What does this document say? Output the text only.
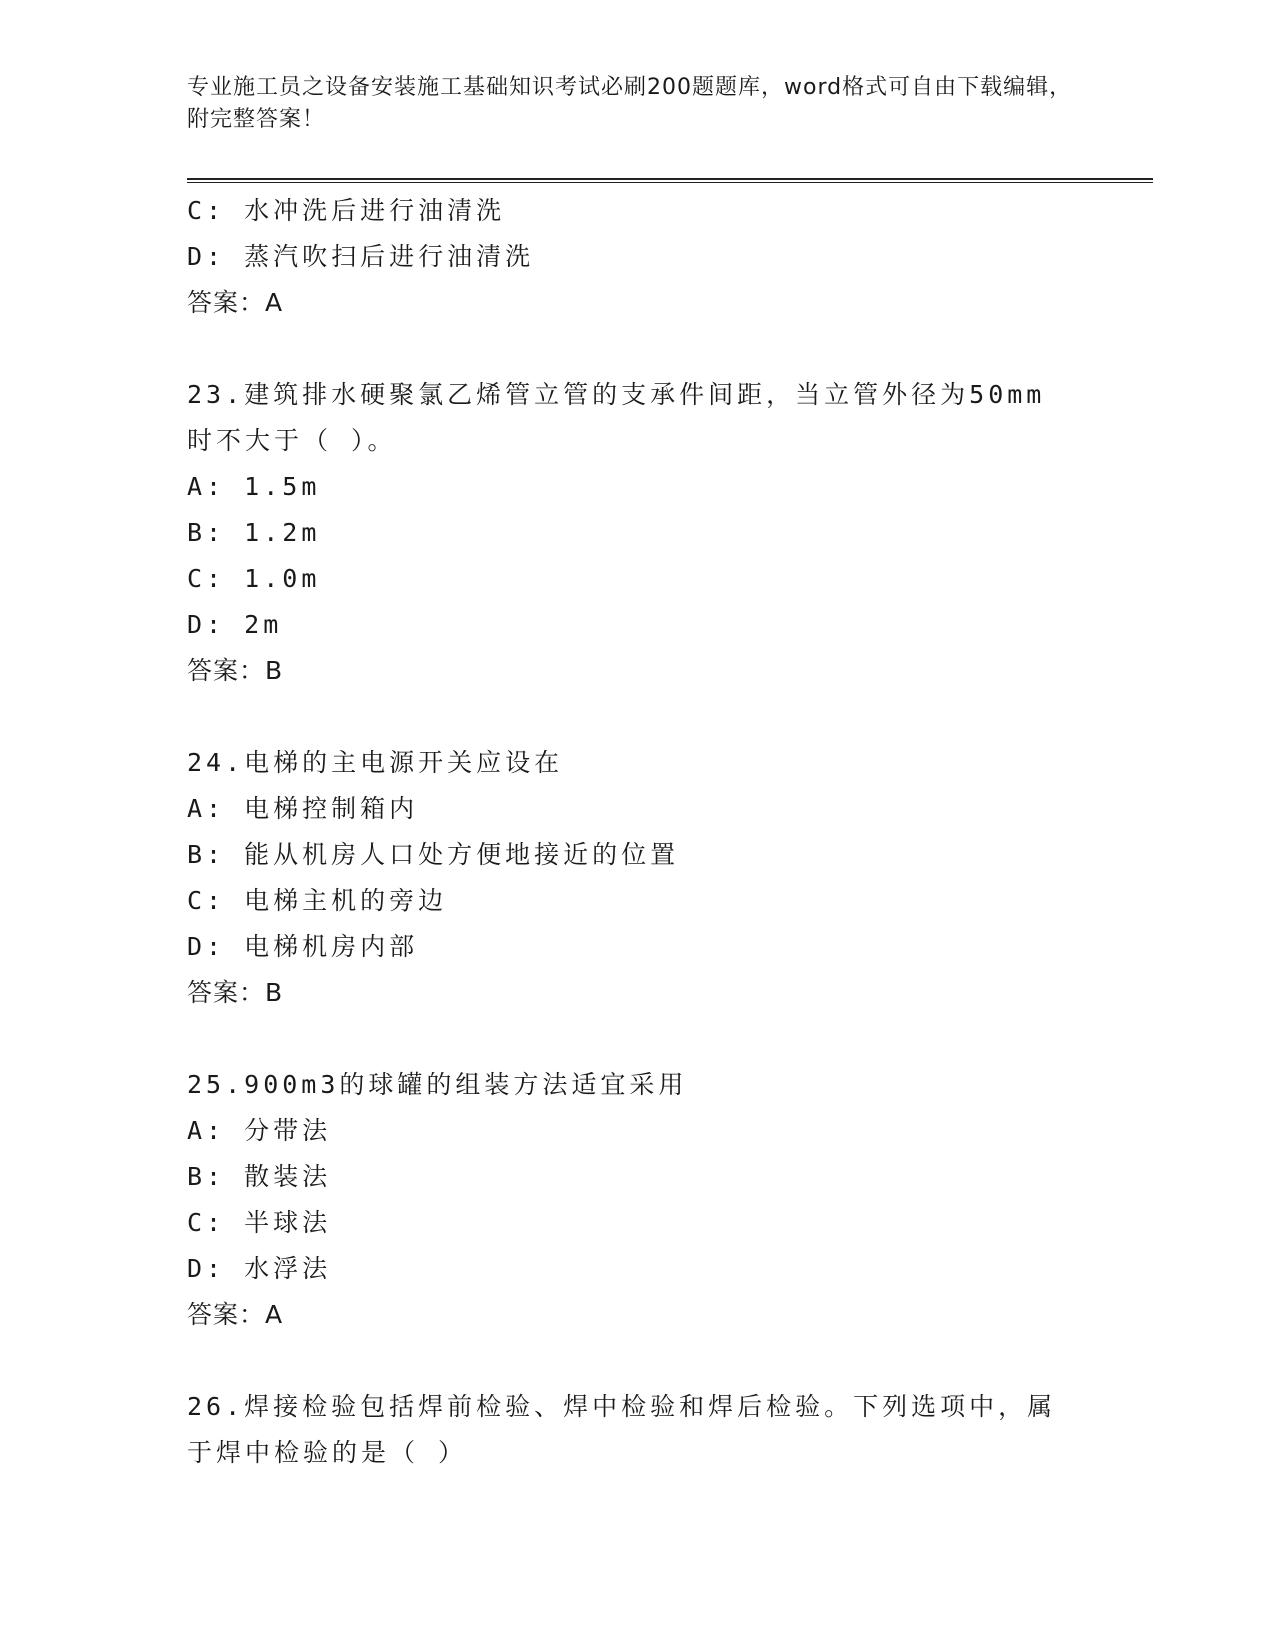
专业施工员之设备安装施工基础知识考试必刷200题题库，word格式可自由下载编辑，附完整答案！
C: 水冲洗后进行油清洗
D: 蒸汽吹扫后进行油清洗
答案：A
23.建筑排水硬聚氯乙烯管立管的支承件间距，当立管外径为50mm时不大于（ ）。
A: 1.5m
B: 1.2m
C: 1.0m
D: 2m
答案：B
24.电梯的主电源开关应设在
A: 电梯控制箱内
B: 能从机房人口处方便地接近的位置
C: 电梯主机的旁边
D: 电梯机房内部
答案：B
25.900m3的球罐的组装方法适宜采用
A: 分带法
B: 散装法
C: 半球法
D: 水浮法
答案：A
26.焊接检验包括焊前检验、焊中检验和焊后检验。下列选项中，属于焊中检验的是（ ）
